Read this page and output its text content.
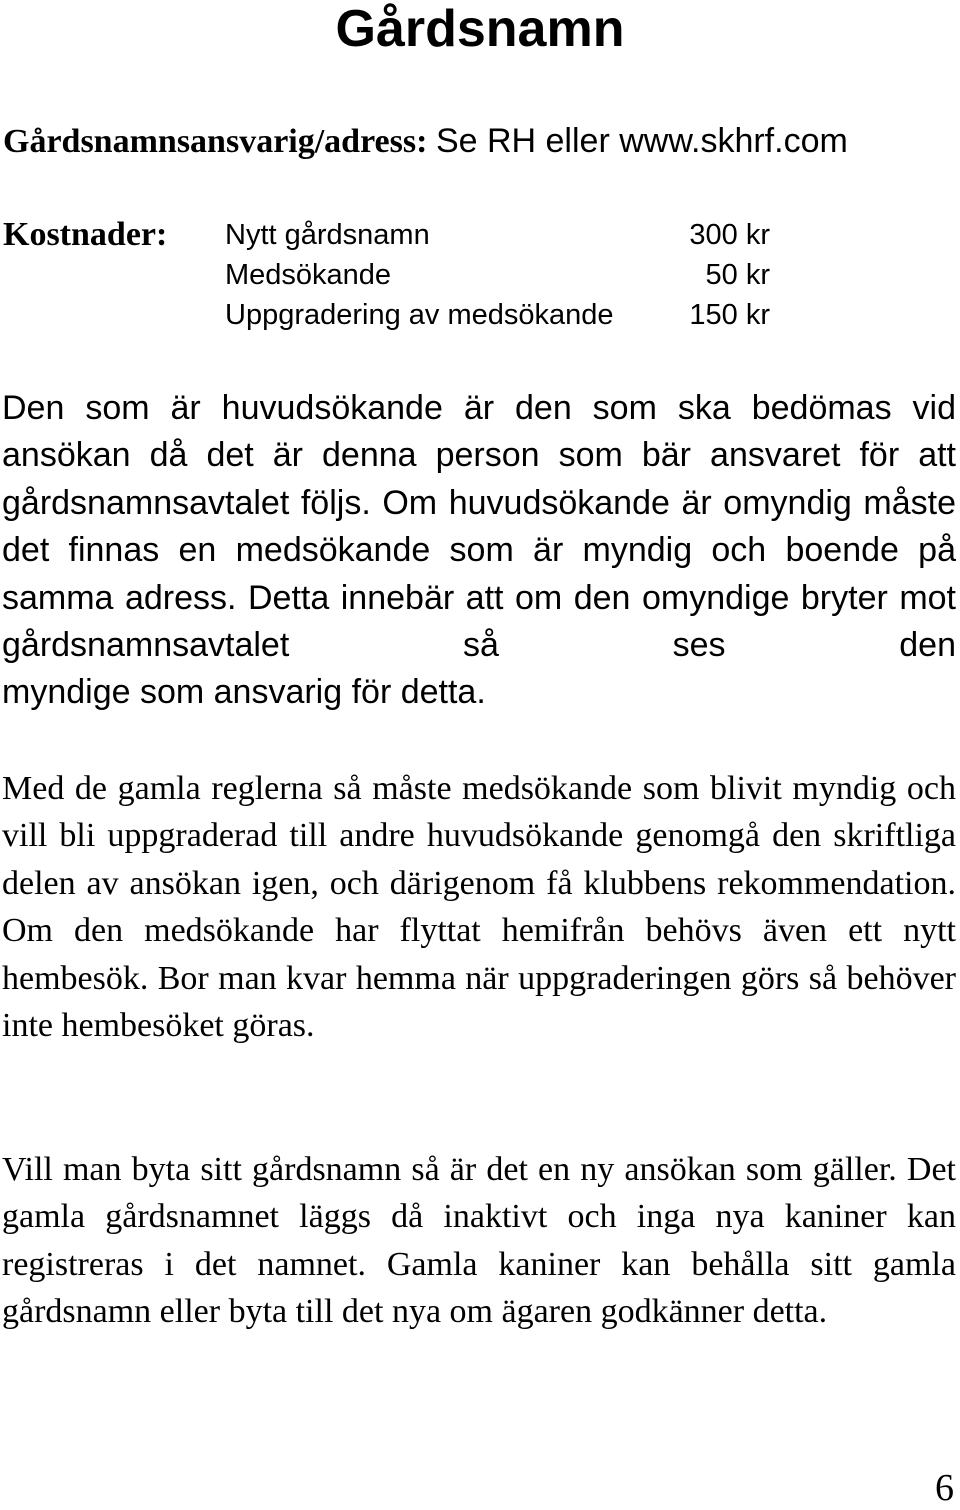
Gårdsnamn

Gårdsnamnsansvarig/adress: Se RH eller www.skhrf.com

Kostnader: Nytt gårdsnamn	300 kr
Medsökande	50 kr
Uppgradering av medsökande	150 kr

Den som är huvudsökande är den som ska bedömas vid ansökan då det är denna person som bär ansvaret för att gårdsnamnsavtalet följs. Om huvudsökande är omyndig måste det finnas en medsökande som är myndig och boende på samma adress. Detta innebär att om den omyndige bryter mot gårdsnamnsavtalet så ses den

myndige som ansvarig för detta.

Med de gamla reglerna så måste medsökande som blivit myndig och vill bli uppgraderad till andre huvudsökande genomgå den skriftliga delen av ansökan igen, och därigenom få klubbens rekommendation. Om den medsökande har flyttat hemifrån behövs även ett nytt hembesök. Bor man kvar hemma när uppgraderingen görs så behöver inte hembesöket göras.

Vill man byta sitt gårdsnamn så är det en ny ansökan som gäller. Det gamla gårdsnamnet läggs då inaktivt och inga nya kaniner kan registreras i det namnet. Gamla kaniner kan behålla sitt gamla gårdsnamn eller byta till det nya om ägaren godkänner detta.

6
